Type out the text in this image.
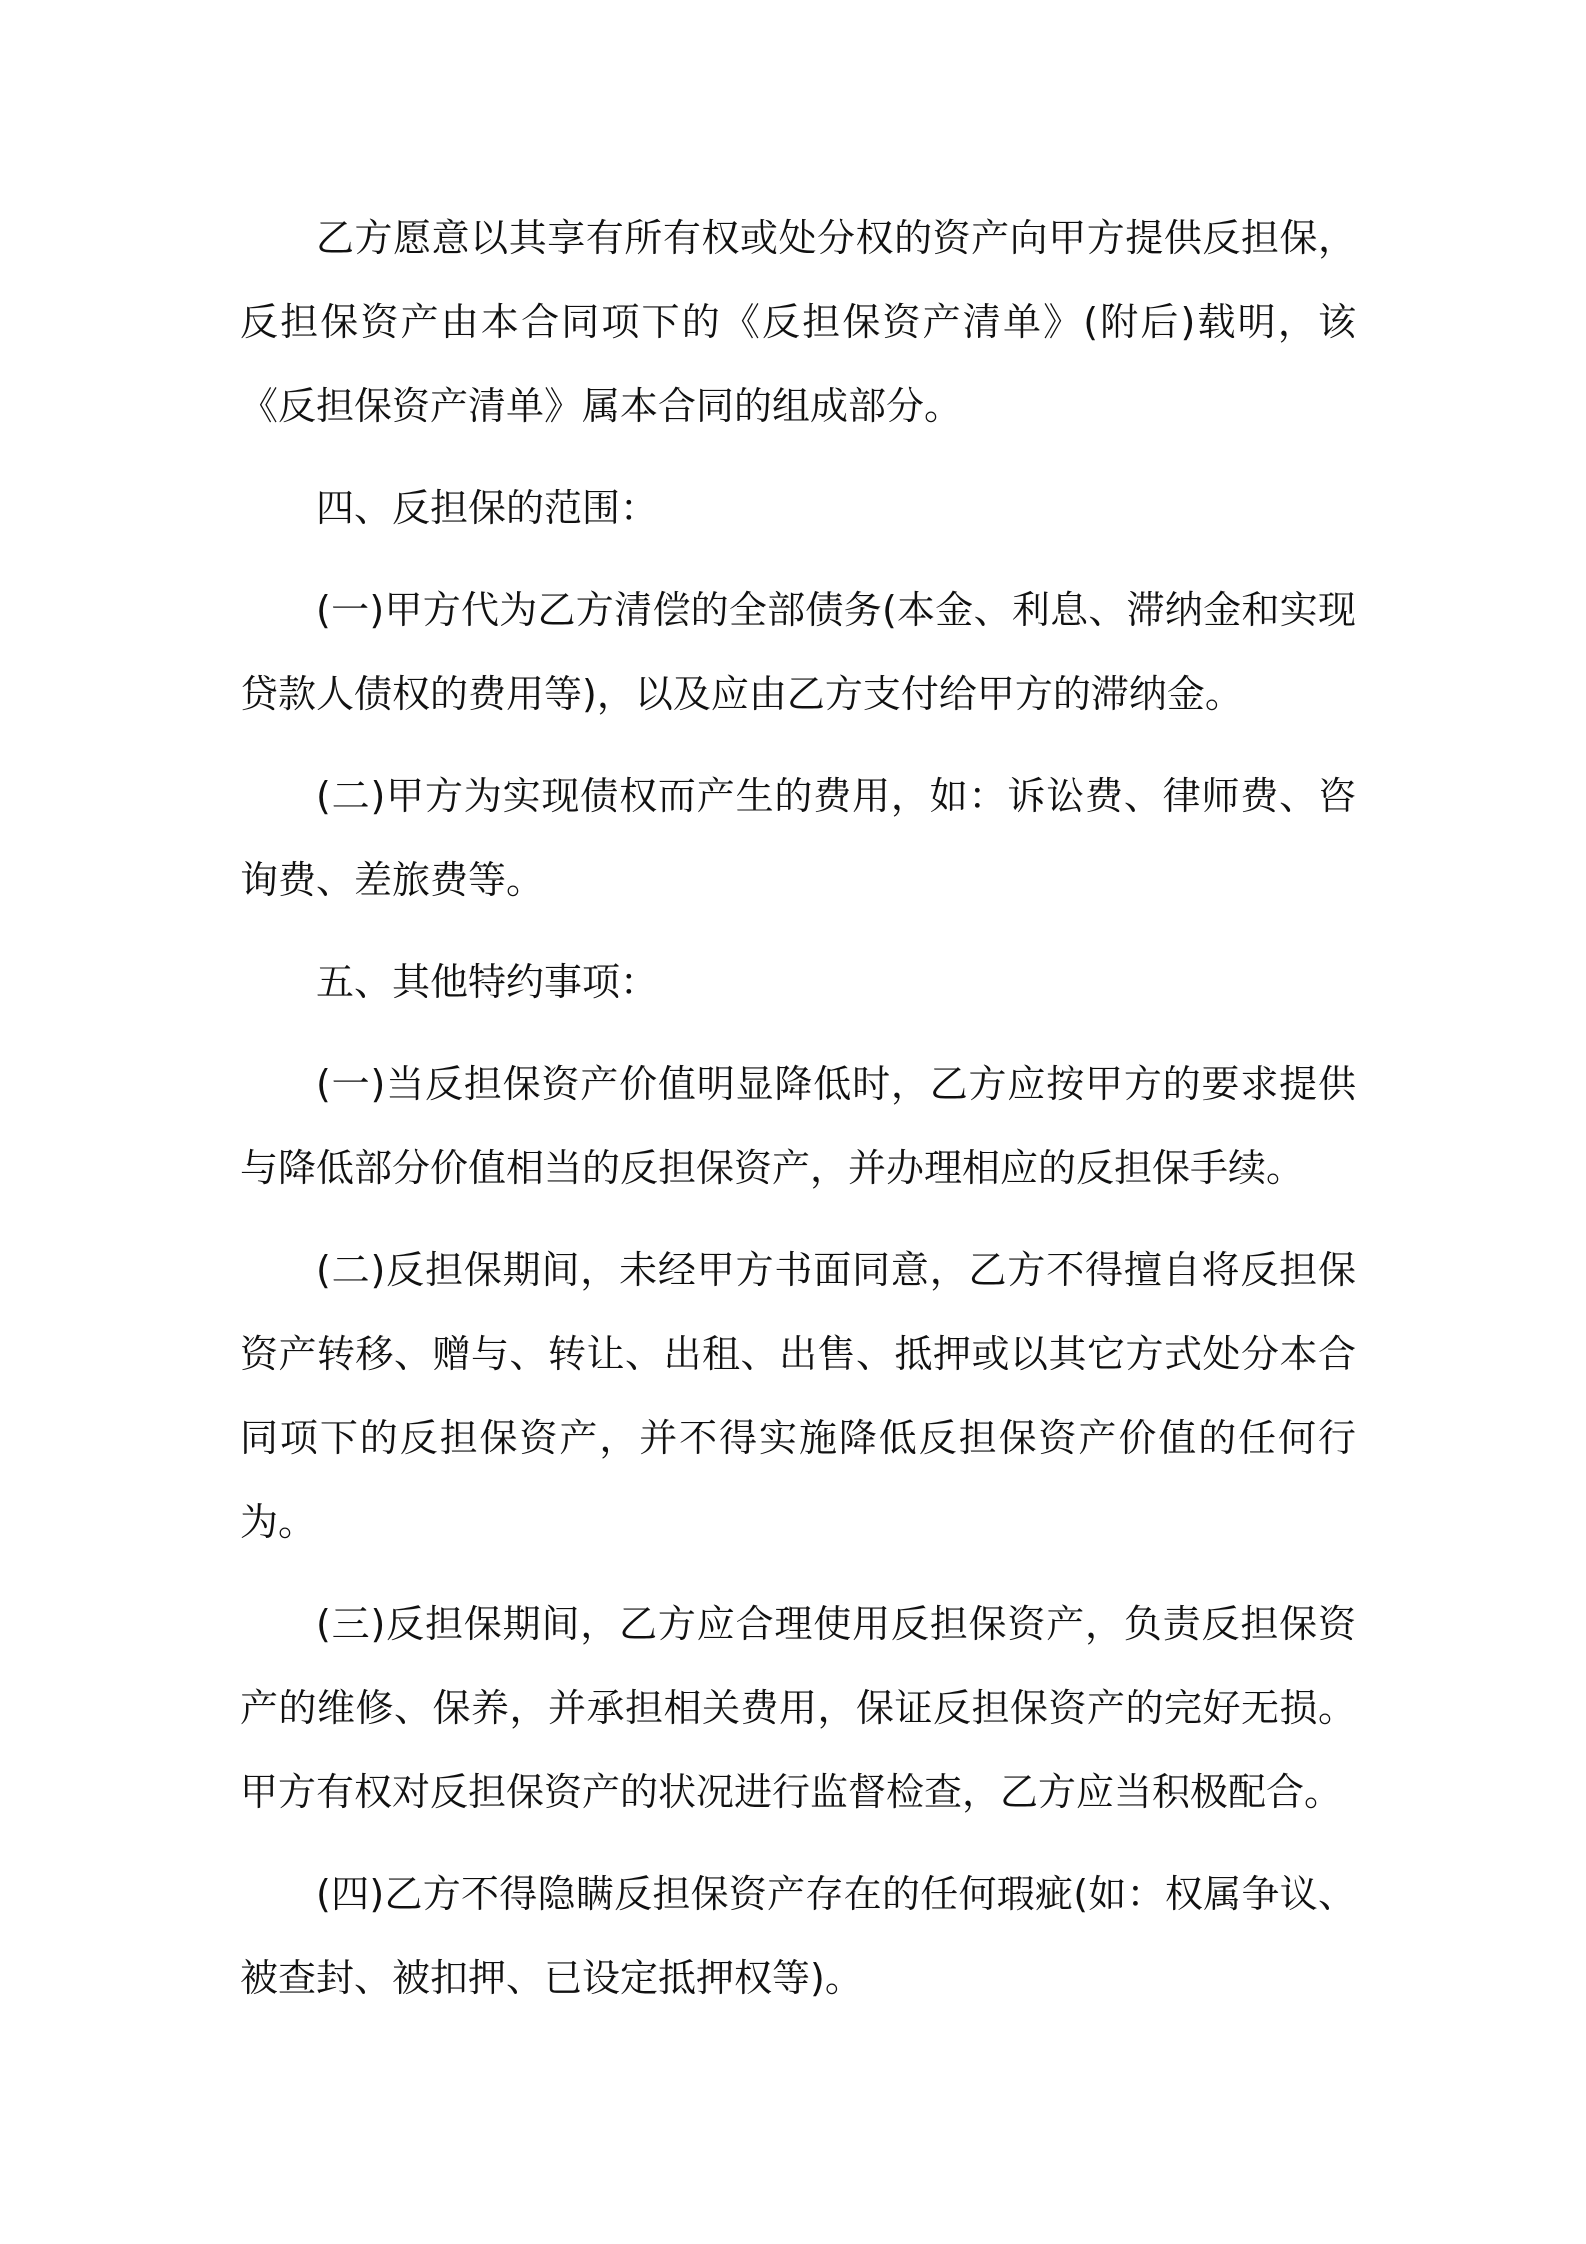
乙方愿意以其享有所有权或处分权的资产向甲方提供反担保，反担保资产由本合同项下的《反担保资产清单》(附后)载明，该《反担保资产清单》属本合同的组成部分。

四、反担保的范围：

(一)甲方代为乙方清偿的全部债务(本金、利息、滞纳金和实现贷款人债权的费用等)，以及应由乙方支付给甲方的滞纳金。

(二)甲方为实现债权而产生的费用，如：诉讼费、律师费、咨询费、差旅费等。

五、其他特约事项：

(一)当反担保资产价值明显降低时，乙方应按甲方的要求提供与降低部分价值相当的反担保资产，并办理相应的反担保手续。

(二)反担保期间，未经甲方书面同意，乙方不得擅自将反担保资产转移、赠与、转让、出租、出售、抵押或以其它方式处分本合同项下的反担保资产，并不得实施降低反担保资产价值的任何行为。

(三)反担保期间，乙方应合理使用反担保资产，负责反担保资产的维修、保养，并承担相关费用，保证反担保资产的完好无损。甲方有权对反担保资产的状况进行监督检查，乙方应当积极配合。

(四)乙方不得隐瞒反担保资产存在的任何瑕疵(如：权属争议、被查封、被扣押、已设定抵押权等)。
